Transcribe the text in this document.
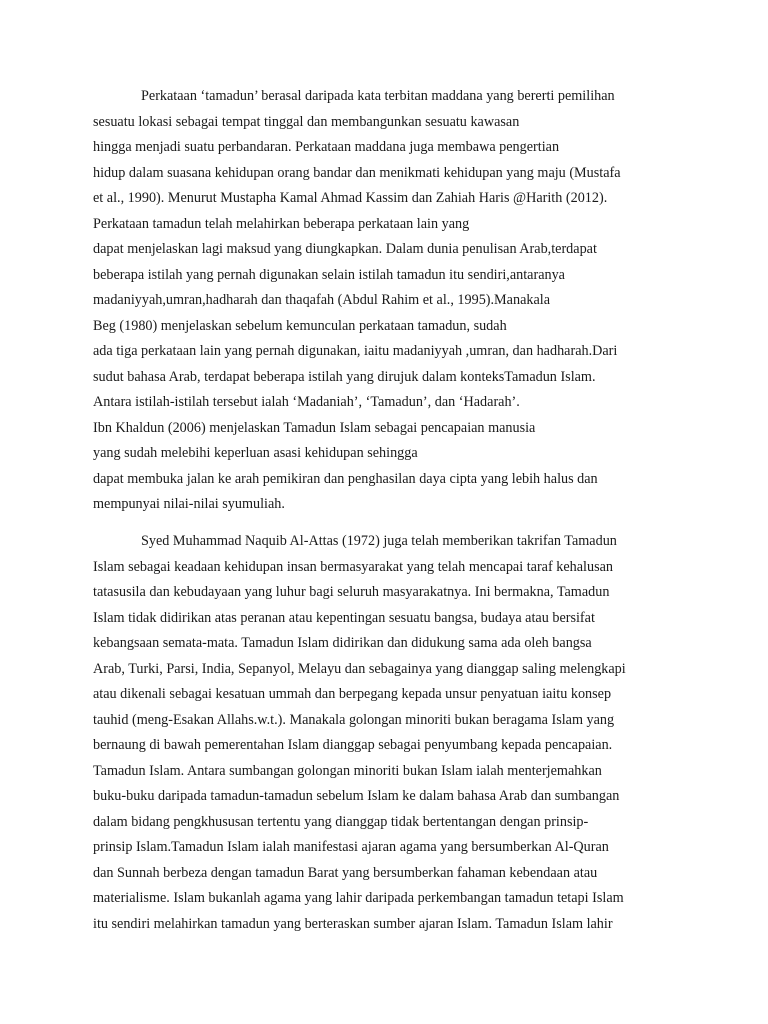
Perkataan ‘tamadun’ berasal daripada kata terbitan maddana yang bererti pemilihan
sesuatu lokasi sebagai tempat tinggal dan membangunkan sesuatu kawasan
hingga menjadi suatu perbandaran. Perkataan maddana juga membawa pengertian
hidup dalam suasana kehidupan orang bandar dan menikmati kehidupan yang maju (Mustafa
et al., 1990). Menurut Mustapha Kamal Ahmad Kassim dan Zahiah Haris @Harith (2012).
Perkataan tamadun telah melahirkan beberapa perkataan lain yang
dapat menjelaskan lagi maksud yang diungkapkan. Dalam dunia penulisan Arab,terdapat
beberapa istilah yang pernah digunakan selain istilah tamadun itu sendiri,antaranya
madaniyyah,umran,hadharah dan thaqafah (Abdul Rahim et al., 1995).Manakala
Beg (1980) menjelaskan sebelum kemunculan perkataan tamadun, sudah
ada tiga perkataan lain yang pernah digunakan, iaitu madaniyyah ,umran, dan hadharah.Dari
sudut bahasa Arab, terdapat beberapa istilah yang dirujuk dalam konteksTamadun Islam.
Antara istilah-istilah tersebut ialah ‘Madaniah’, ‘Tamadun’, dan ‘Hadarah’.
Ibn Khaldun (2006) menjelaskan Tamadun Islam sebagai pencapaian manusia
yang sudah melebihi keperluan asasi kehidupan sehingga
dapat membuka jalan ke arah pemikiran dan penghasilan daya cipta yang lebih halus dan
mempunyai nilai-nilai syumuliah.
Syed Muhammad Naquib Al-Attas (1972) juga telah memberikan takrifan Tamadun
Islam sebagai keadaan kehidupan insan bermasyarakat yang telah mencapai taraf kehalusan
tatasusila dan kebudayaan yang luhur bagi seluruh masyarakatnya. Ini bermakna, Tamadun
Islam tidak didirikan atas peranan atau kepentingan sesuatu bangsa, budaya atau bersifat
kebangsaan semata-mata. Tamadun Islam didirikan dan didukung sama ada oleh bangsa
Arab, Turki, Parsi, India, Sepanyol, Melayu dan sebagainya yang dianggap saling melengkapi
atau dikenali sebagai kesatuan ummah dan berpegang kepada unsur penyatuan iaitu konsep
tauhid (meng-Esakan Allahs.w.t.). Manakala golongan minoriti bukan beragama Islam yang
bernaung di bawah pemerentahan Islam dianggap sebagai penyumbang kepada pencapaian.
Tamadun Islam. Antara sumbangan golongan minoriti bukan Islam ialah menterjemahkan
buku-buku daripada tamadun-tamadun sebelum Islam ke dalam bahasa Arab dan sumbangan
dalam bidang pengkhususan tertentu yang dianggap tidak bertentangan dengan prinsip-
prinsip Islam.Tamadun Islam ialah manifestasi ajaran agama yang bersumberkan Al-Quran
dan Sunnah berbeza dengan tamadun Barat yang bersumberkan fahaman kebendaan atau
materialisme. Islam bukanlah agama yang lahir daripada perkembangan tamadun tetapi Islam
itu sendiri melahirkan tamadun yang berteraskan sumber ajaran Islam. Tamadun Islam lahir
